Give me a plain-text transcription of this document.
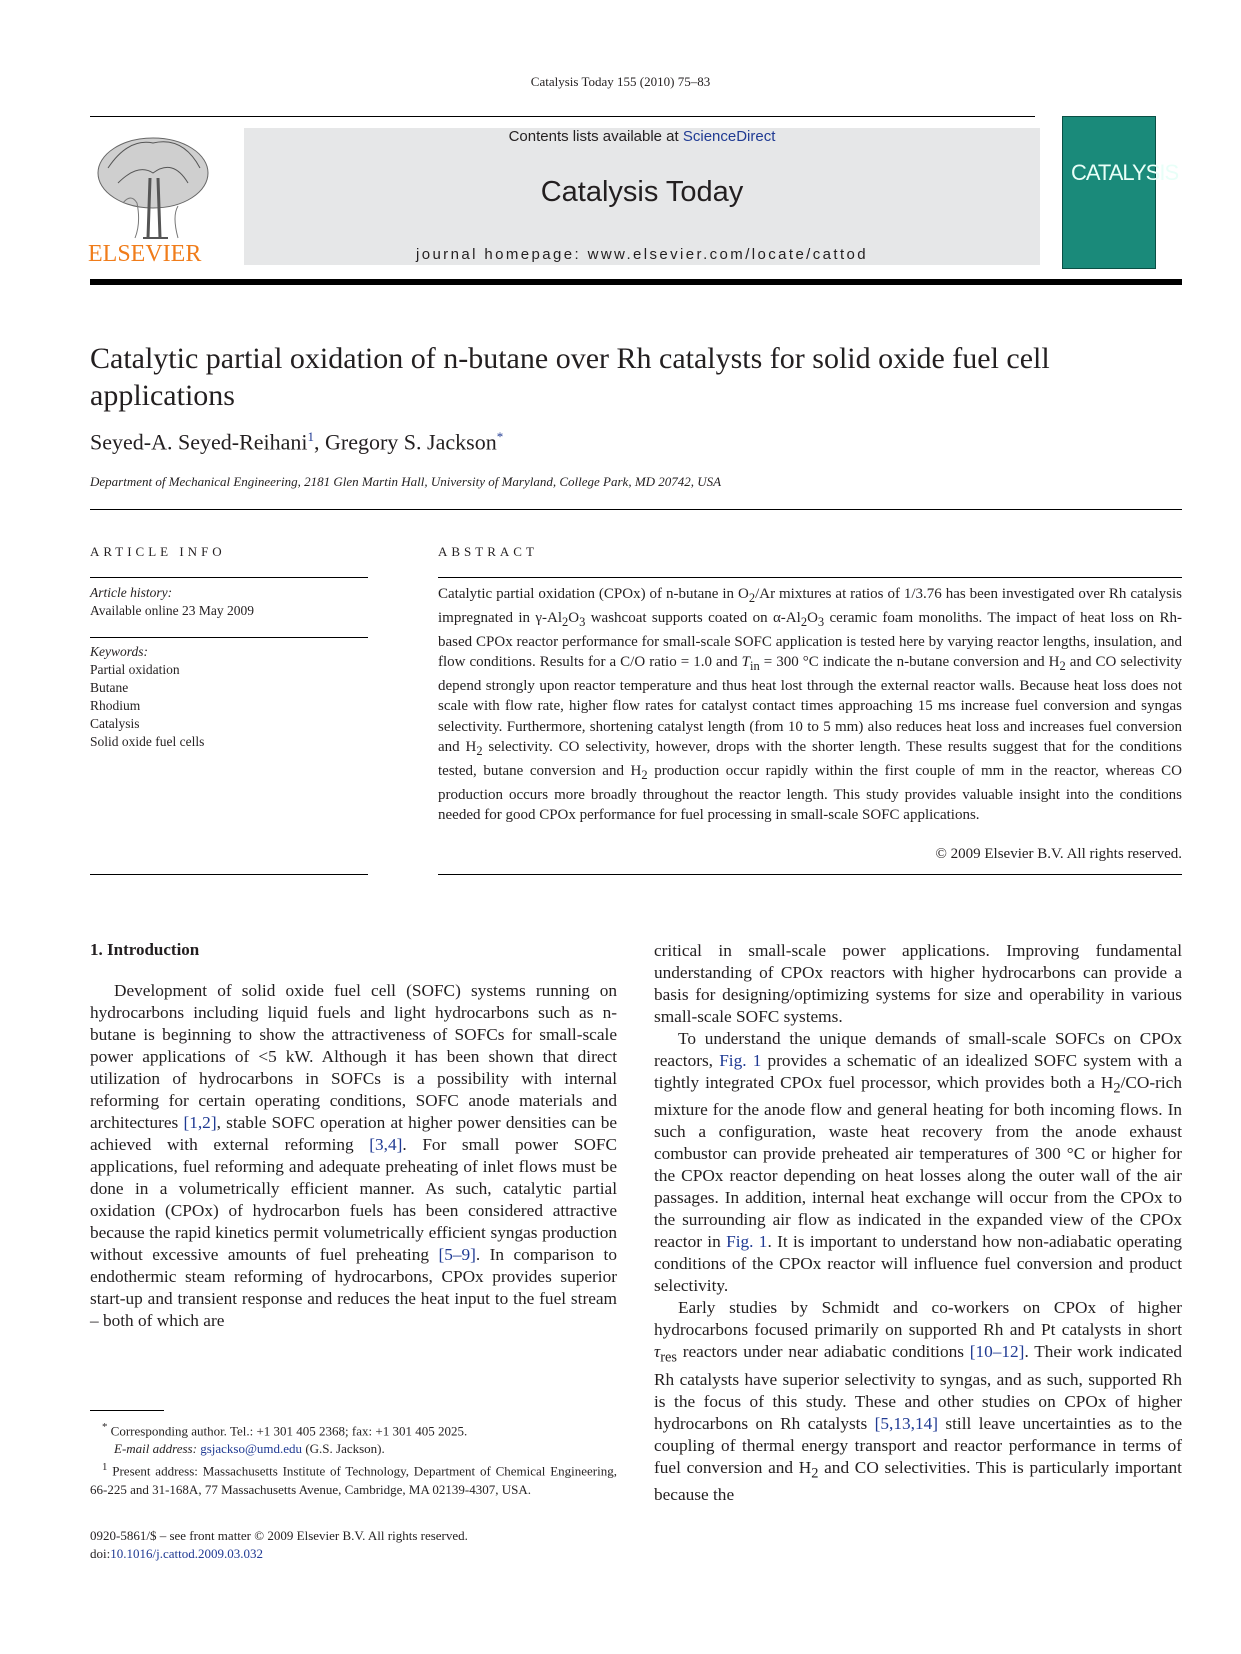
Catalysis Today 155 (2010) 75–83
ELSEVIER
Contents lists available at ScienceDirect
Catalysis Today
journal homepage: www.elsevier.com/locate/cattod
CATALYSIS
Catalytic partial oxidation of n-butane over Rh catalysts for solid oxide fuel cell applications
Seyed-A. Seyed-Reihani$^1$, Gregory S. Jackson*
Department of Mechanical Engineering, 2181 Glen Martin Hall, University of Maryland, College Park, MD 20742, USA
ARTICLE INFO	ABSTRACT
Article history:
Available online 23 May 2009
Keywords:
Partial oxidation
Butane
Rhodium
Catalysis
Solid oxide fuel cells
Catalytic partial oxidation (CPOx) of n-butane in $O_2/Ar$ mixtures at ratios of 1/3.76 has been investigated over Rh catalysis impregnated in $\gamma-Al_2O_3$ washcoat supports coated on $\alpha-Al_2O_3$ ceramic foam monoliths. The impact of heat loss on Rh-based CPOx reactor performance for small-scale SOFC application is tested here by varying reactor lengths, insulation, and flow conditions. Results for a C/O ratio = 1.0 and $T_{in} = 300$ °C indicate the n-butane conversion and $H_2$ and CO selectivity depend strongly upon reactor temperature and thus heat lost through the external reactor walls. Because heat loss does not scale with flow rate, higher flow rates for catalyst contact times approaching 15 ms increase fuel conversion and syngas selectivity. Furthermore, shortening catalyst length (from 10 to 5 mm) also reduces heat loss and increases fuel conversion and $H_2$ selectivity. CO selectivity, however, drops with the shorter length. These results suggest that for the conditions tested, butane conversion and $H_2$ production occur rapidly within the first couple of mm in the reactor, whereas CO production occurs more broadly throughout the reactor length. This study provides valuable insight into the conditions needed for good CPOx performance for fuel processing in small-scale SOFC applications.
© 2009 Elsevier B.V. All rights reserved.
1. Introduction

Development of solid oxide fuel cell (SOFC) systems running on hydrocarbons including liquid fuels and light hydrocarbons such as n-butane is beginning to show the attractiveness of SOFCs for small-scale power applications of <5 kW. Although it has been shown that direct utilization of hydrocarbons in SOFCs is a possibility with internal reforming for certain operating conditions, SOFC anode materials and architectures [1,2], stable SOFC operation at higher power densities can be achieved with external reforming [3,4]. For small power SOFC applications, fuel reforming and adequate preheating of inlet flows must be done in a volumetrically efficient manner. As such, catalytic partial oxidation (CPOx) of hydrocarbon fuels has been considered attractive because the rapid kinetics permit volumetrically efficient syngas production without excessive amounts of fuel preheating [5–9]. In comparison to endothermic steam reforming of hydrocarbons, CPOx provides superior start-up and transient response and reduces the heat input to the fuel stream – both of which are

critical in small-scale power applications. Improving fundamental understanding of CPOx reactors with higher hydrocarbons can provide a basis for designing/optimizing systems for size and operability in various small-scale SOFC systems.

To understand the unique demands of small-scale SOFCs on CPOx reactors, Fig. 1 provides a schematic of an idealized SOFC system with a tightly integrated CPOx fuel processor, which provides both a $H_2/CO$-rich mixture for the anode flow and general heating for both incoming flows. In such a configuration, waste heat recovery from the anode exhaust combustor can provide preheated air temperatures of 300 °C or higher for the CPOx reactor depending on heat losses along the outer wall of the air passages. In addition, internal heat exchange will occur from the CPOx to the surrounding air flow as indicated in the expanded view of the CPOx reactor in Fig. 1. It is important to understand how non-adiabatic operating conditions of the CPOx reactor will influence fuel conversion and product selectivity.

Early studies by Schmidt and co-workers on CPOx of higher hydrocarbons focused primarily on supported Rh and Pt catalysts in short $\tau_{res}$ reactors under near adiabatic conditions [10–12]. Their work indicated Rh catalysts have superior selectivity to syngas, and as such, supported Rh is the focus of this study. These and other studies on CPOx of higher hydrocarbons on Rh catalysts [5,13,14] still leave uncertainties as to the coupling of thermal energy transport and reactor performance in terms of fuel conversion and $H_2$ and CO selectivities. This is particularly important because the

* Corresponding author. Tel.: +1 301 405 2368; fax: +1 301 405 2025.
E-mail address: gsjackso@umd.edu (G.S. Jackson).
$^1$ Present address: Massachusetts Institute of Technology, Department of Chemical Engineering, 66-225 and 31-168A, 77 Massachusetts Avenue, Cambridge, MA 02139-4307, USA.
0920-5861/$ – see front matter © 2009 Elsevier B.V. All rights reserved.
doi:10.1016/j.cattod.2009.03.032
